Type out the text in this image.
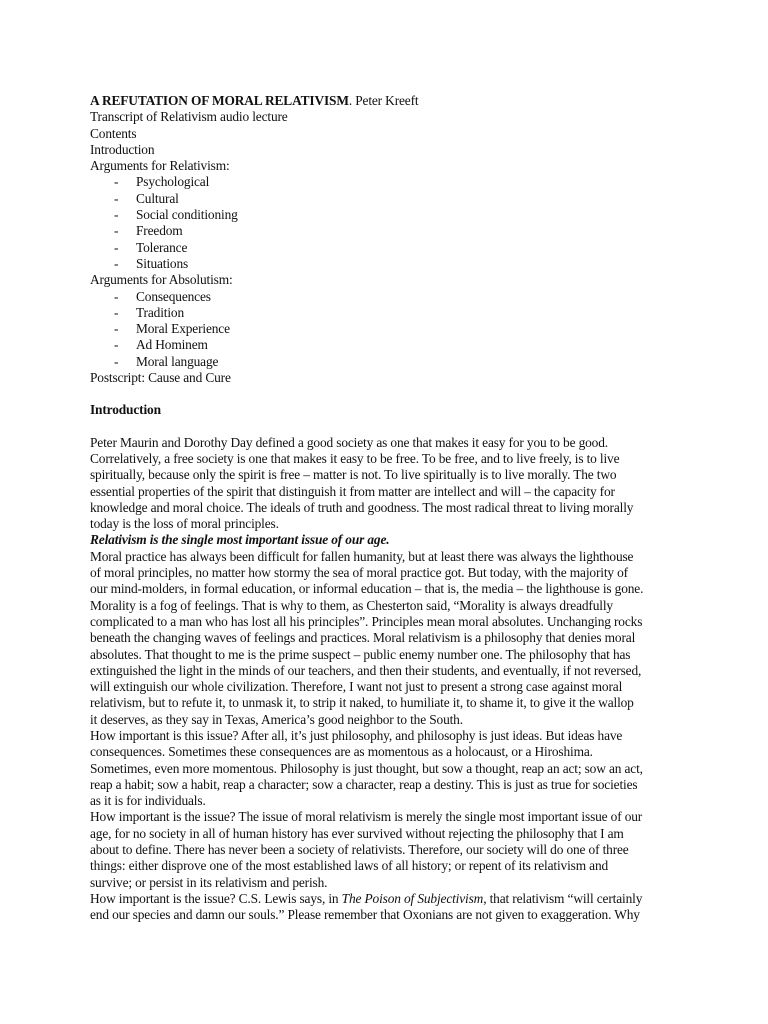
A REFUTATION OF MORAL RELATIVISM. Peter Kreeft
Transcript of Relativism audio lecture
Contents
Introduction
Arguments for Relativism:
- Psychological
- Cultural
- Social conditioning
- Freedom
- Tolerance
- Situations
Arguments for Absolutism:
- Consequences
- Tradition
- Moral Experience
- Ad Hominem
- Moral language
Postscript: Cause and Cure
Introduction
Peter Maurin and Dorothy Day defined a good society as one that makes it easy for you to be good.
Correlatively, a free society is one that makes it easy to be free. To be free, and to live freely, is to live
spiritually, because only the spirit is free – matter is not. To live spiritually is to live morally. The two
essential properties of the spirit that distinguish it from matter are intellect and will – the capacity for
knowledge and moral choice. The ideals of truth and goodness. The most radical threat to living morally
today is the loss of moral principles.
Relativism is the single most important issue of our age.
Moral practice has always been difficult for fallen humanity, but at least there was always the lighthouse
of moral principles, no matter how stormy the sea of moral practice got. But today, with the majority of
our mind-molders, in formal education, or informal education – that is, the media – the lighthouse is gone.
Morality is a fog of feelings. That is why to them, as Chesterton said, “Morality is always dreadfully
complicated to a man who has lost all his principles”. Principles mean moral absolutes. Unchanging rocks
beneath the changing waves of feelings and practices. Moral relativism is a philosophy that denies moral
absolutes. That thought to me is the prime suspect – public enemy number one. The philosophy that has
extinguished the light in the minds of our teachers, and then their students, and eventually, if not reversed,
will extinguish our whole civilization. Therefore, I want not just to present a strong case against moral
relativism, but to refute it, to unmask it, to strip it naked, to humiliate it, to shame it, to give it the wallop
it deserves, as they say in Texas, America’s good neighbor to the South.
How important is this issue? After all, it’s just philosophy, and philosophy is just ideas. But ideas have
consequences. Sometimes these consequences are as momentous as a holocaust, or a Hiroshima.
Sometimes, even more momentous. Philosophy is just thought, but sow a thought, reap an act; sow an act,
reap a habit; sow a habit, reap a character; sow a character, reap a destiny. This is just as true for societies
as it is for individuals.
How important is the issue? The issue of moral relativism is merely the single most important issue of our
age, for no society in all of human history has ever survived without rejecting the philosophy that I am
about to define. There has never been a society of relativists. Therefore, our society will do one of three
things: either disprove one of the most established laws of all history; or repent of its relativism and
survive; or persist in its relativism and perish.
How important is the issue? C.S. Lewis says, in The Poison of Subjectivism, that relativism “will certainly
end our species and damn our souls.” Please remember that Oxonians are not given to exaggeration. Why
